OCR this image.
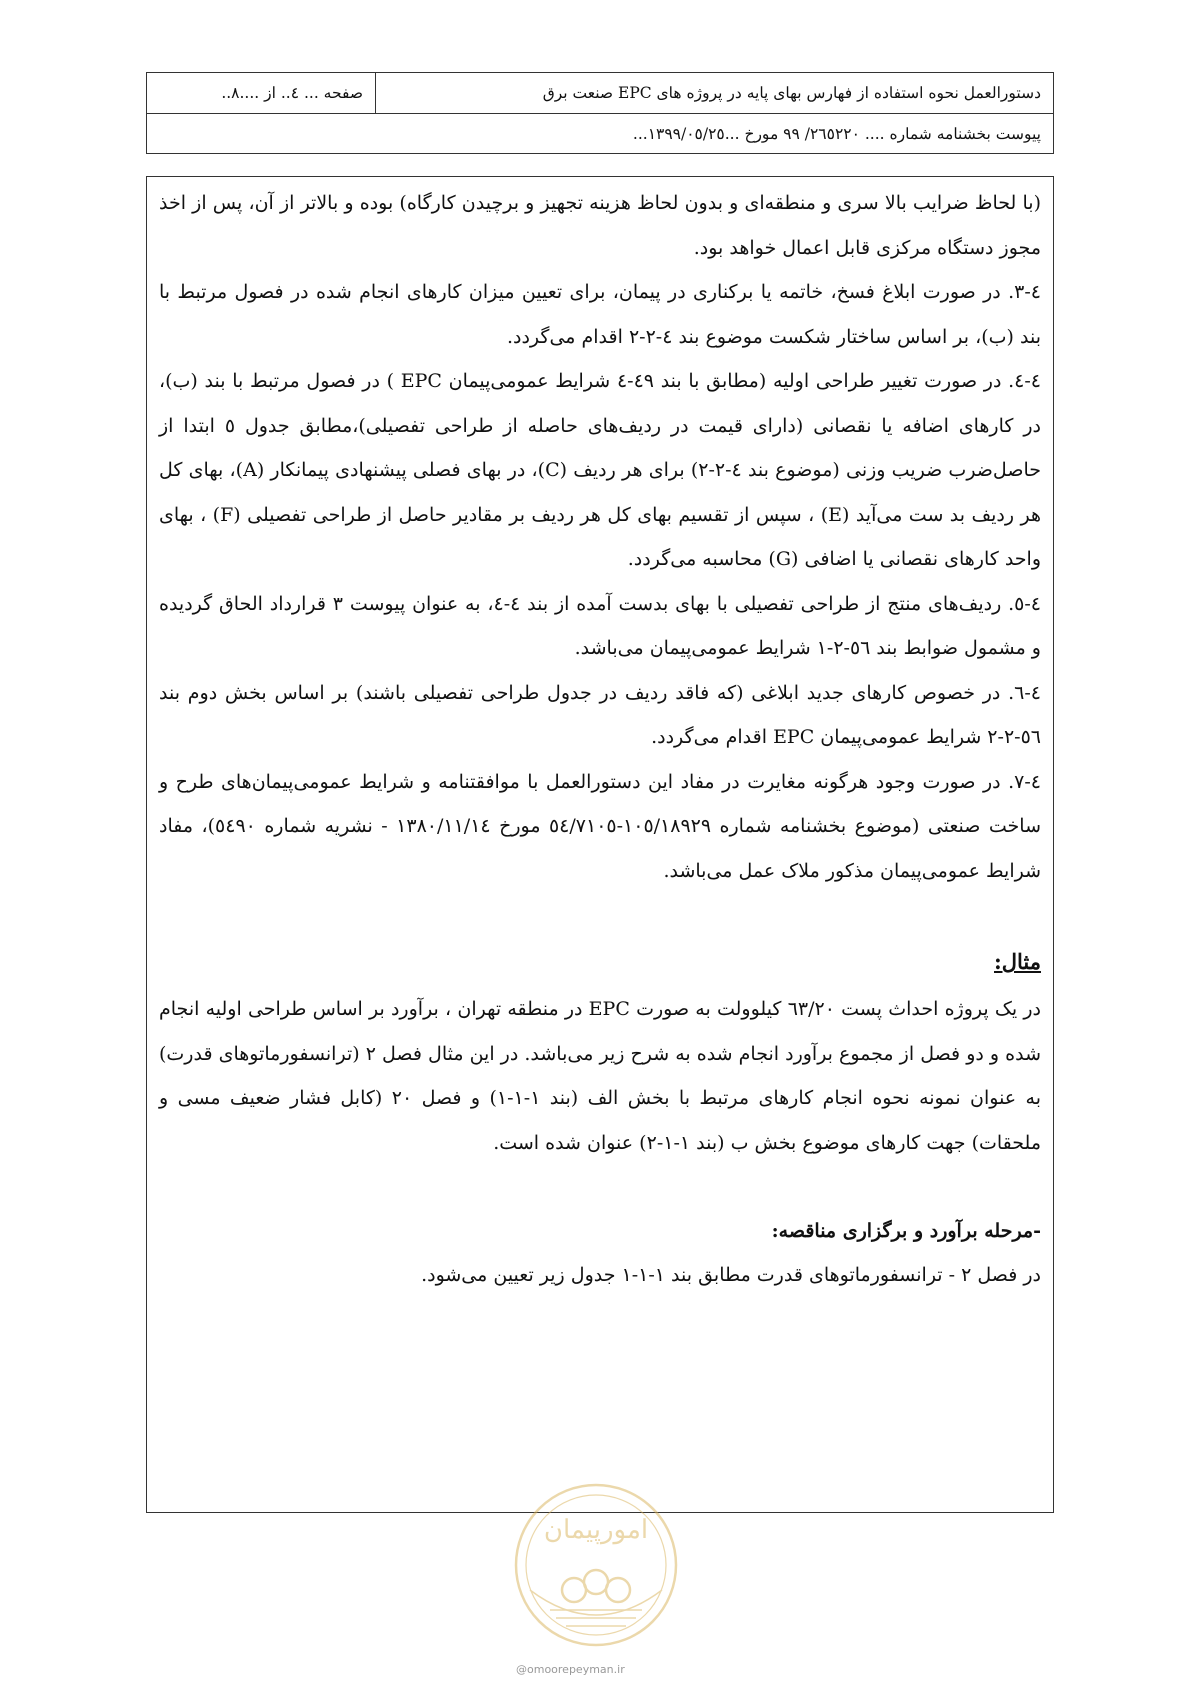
دستورالعمل نحوه استفاده از فهارس بهای پایه در پروژه های EPC صنعت برق
صفحه ... ٤.. از ....٨..
پیوست بخشنامه شماره .... ٢٦٥٢٢٠/ ٩٩ مورخ ...١٣٩٩/٠٥/٢٥...

(با لحاظ ضرایب بالا سری و منطقه‌ای و بدون لحاظ هزینه تجهیز و برچیدن کارگاه) بوده و بالاتر از آن، پس از اخذ مجوز دستگاه مرکزی قابل اعمال خواهد بود.

٤-٣. در صورت ابلاغ فسخ، خاتمه یا برکناری در پیمان، برای تعیین میزان کارهای انجام شده در فصول مرتبط با بند (ب)، بر اساس ساختار شکست موضوع بند ٤-٢-٢ اقدام می‌گردد.

٤-٤. در صورت تغییر طراحی اولیه (مطابق با بند ٤٩-٤ شرایط عمومی‌پیمان EPC ) در فصول مرتبط با بند (ب)، در کارهای اضافه یا نقصانی (دارای قیمت در ردیف‌های حاصله از طراحی تفصیلی)،مطابق جدول ٥ ابتدا از حاصل‌ضرب ضریب وزنی (موضوع بند ٤-٢-٢) برای هر ردیف (C)، در بهای فصلی پیشنهادی پیمانکار (A)، بهای کل هر ردیف بد ست می‌آید (E) ، سپس از تقسیم بهای کل هر ردیف بر مقادیر حاصل از طراحی تفصیلی (F) ، بهای واحد کارهای نقصانی یا اضافی (G) محاسبه می‌گردد.

٤-٥. ردیف‌های منتج از طراحی تفصیلی با بهای بدست آمده از بند ٤-٤، به عنوان پیوست ٣ قرارداد الحاق گردیده و مشمول ضوابط بند ٥٦-٢-١ شرایط عمومی‌پیمان می‌باشد.

٤-٦. در خصوص کارهای جدید ابلاغی (که فاقد ردیف در جدول طراحی تفصیلی باشند) بر اساس بخش دوم بند ٥٦-٢-٢ شرایط عمومی‌پیمان EPC اقدام می‌گردد.

٤-٧. در صورت وجود هرگونه مغایرت در مفاد این دستورالعمل با موافقتنامه و شرایط عمومی‌پیمان‌های طرح و ساخت صنعتی (موضوع بخشنامه شماره ١٠٥/١٨٩٢٩-٥٤/٧١٠٥ مورخ ١٣٨٠/١١/١٤ - نشریه شماره ٥٤٩٠)، مفاد شرایط عمومی‌پیمان مذکور ملاک عمل می‌باشد.

مثال:

در یک پروژه احداث پست ٦٣/٢٠ کیلوولت به صورت EPC در منطقه تهران ، برآورد بر اساس طراحی اولیه انجام شده و دو فصل از مجموع برآورد انجام شده به شرح زیر می‌باشد. در این مثال فصل ٢ (ترانسفورماتوهای قدرت) به عنوان نمونه نحوه انجام کارهای مرتبط با بخش الف (بند ١-١-١) و فصل ٢٠ (کابل فشار ضعیف مسی و ملحقات) جهت کارهای موضوع بخش ب (بند ١-١-٢) عنوان شده است.

-مرحله برآورد و برگزاری مناقصه:

در فصل ٢ - ترانسفورماتوهای قدرت مطابق بند ١-١-١ جدول زیر تعیین می‌شود.

امورپیمان
@omoorepeyman.ir
